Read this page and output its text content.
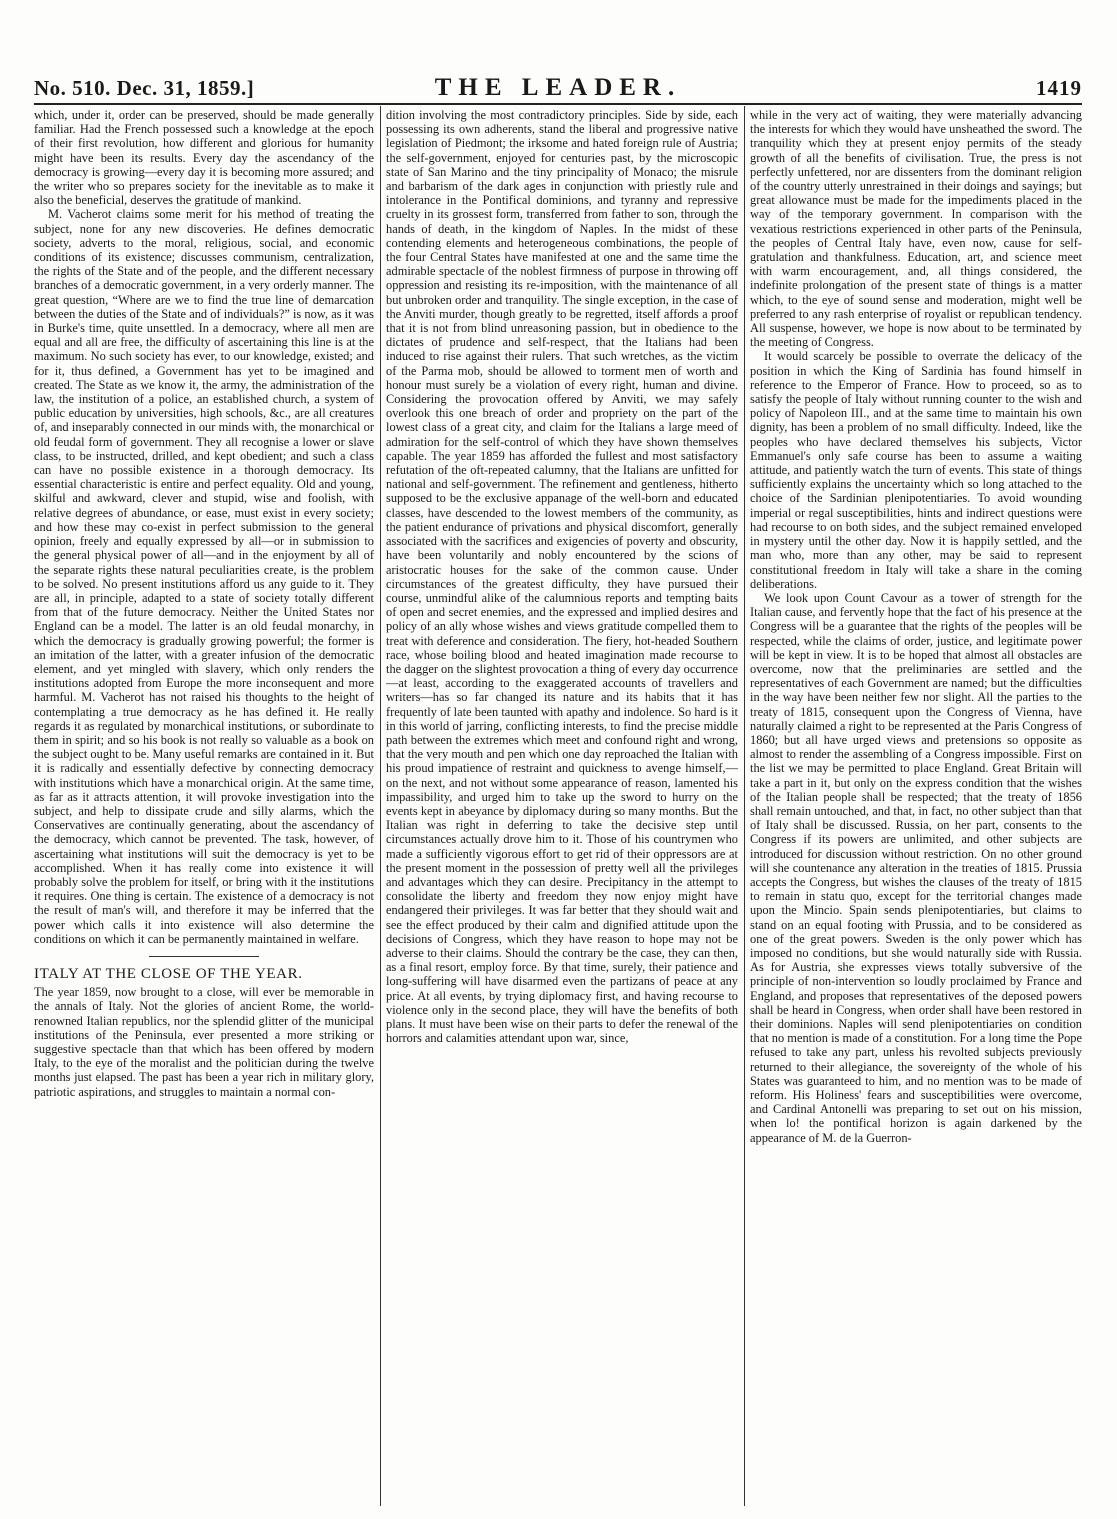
No. 510. Dec. 31, 1859.]	THE LEADER.	1419

which, under it, order can be preserved, should be made generally familiar. Had the French possessed such a knowledge at the epoch of their first revolution, how different and glorious for humanity might have been its results. Every day the ascendancy of the democracy is growing—every day it is becoming more assured; and the writer who so prepares society for the inevitable as to make it also the beneficial, deserves the gratitude of mankind.

M. Vacherot claims some merit for his method of treating the subject, none for any new discoveries. He defines democratic society, adverts to the moral, religious, social, and economic conditions of its existence; discusses communism, centralization, the rights of the State and of the people, and the different necessary branches of a democratic government, in a very orderly manner. The great question, “Where are we to find the true line of demarcation between the duties of the State and of individuals?” is now, as it was in Burke's time, quite unsettled. In a democracy, where all men are equal and all are free, the difficulty of ascertaining this line is at the maximum. No such society has ever, to our knowledge, existed; and for it, thus defined, a Government has yet to be imagined and created. The State as we know it, the army, the administration of the law, the institution of a police, an established church, a system of public education by universities, high schools, &c., are all creatures of, and inseparably connected in our minds with, the monarchical or old feudal form of government. They all recognise a lower or slave class, to be instructed, drilled, and kept obedient; and such a class can have no possible existence in a thorough democracy. Its essential characteristic is entire and perfect equality. Old and young, skilful and awkward, clever and stupid, wise and foolish, with relative degrees of abundance, or ease, must exist in every society; and how these may co-exist in perfect submission to the general opinion, freely and equally expressed by all—or in submission to the general physical power of all—and in the enjoyment by all of the separate rights these natural peculiarities create, is the problem to be solved. No present institutions afford us any guide to it. They are all, in principle, adapted to a state of society totally different from that of the future democracy. Neither the United States nor England can be a model. The latter is an old feudal monarchy, in which the democracy is gradually growing powerful; the former is an imitation of the latter, with a greater infusion of the democratic element, and yet mingled with slavery, which only renders the institutions adopted from Europe the more inconsequent and more harmful. M. Vacherot has not raised his thoughts to the height of contemplating a true democracy as he has defined it. He really regards it as regulated by monarchical institutions, or subordinate to them in spirit; and so his book is not really so valuable as a book on the subject ought to be. Many useful remarks are contained in it. But it is radically and essentially defective by connecting democracy with institutions which have a monarchical origin. At the same time, as far as it attracts attention, it will provoke investigation into the subject, and help to dissipate crude and silly alarms, which the Conservatives are continually generating, about the ascendancy of the democracy, which cannot be prevented. The task, however, of ascertaining what institutions will suit the democracy is yet to be accomplished. When it has really come into existence it will probably solve the problem for itself, or bring with it the institutions it requires. One thing is certain. The existence of a democracy is not the result of man's will, and therefore it may be inferred that the power which calls it into existence will also determine the conditions on which it can be permanently maintained in welfare.

ITALY AT THE CLOSE OF THE YEAR.

The year 1859, now brought to a close, will ever be memorable in the annals of Italy. Not the glories of ancient Rome, the world-renowned Italian republics, nor the splendid glitter of the municipal institutions of the Peninsula, ever presented a more striking or suggestive spectacle than that which has been offered by modern Italy, to the eye of the moralist and the politician during the twelve months just elapsed. The past has been a year rich in military glory, patriotic aspirations, and struggles to maintain a normal con-

dition involving the most contradictory principles. Side by side, each possessing its own adherents, stand the liberal and progressive native legislation of Piedmont; the irksome and hated foreign rule of Austria; the self-government, enjoyed for centuries past, by the microscopic state of San Marino and the tiny principality of Monaco; the misrule and barbarism of the dark ages in conjunction with priestly rule and intolerance in the Pontifical dominions, and tyranny and repressive cruelty in its grossest form, transferred from father to son, through the hands of death, in the kingdom of Naples. In the midst of these contending elements and heterogeneous combinations, the people of the four Central States have manifested at one and the same time the admirable spectacle of the noblest firmness of purpose in throwing off oppression and resisting its re-imposition, with the maintenance of all but unbroken order and tranquility. The single exception, in the case of the Anviti murder, though greatly to be regretted, itself affords a proof that it is not from blind unreasoning passion, but in obedience to the dictates of prudence and self-respect, that the Italians had been induced to rise against their rulers. That such wretches, as the victim of the Parma mob, should be allowed to torment men of worth and honour must surely be a violation of every right, human and divine. Considering the provocation offered by Anviti, we may safely overlook this one breach of order and propriety on the part of the lowest class of a great city, and claim for the Italians a large meed of admiration for the self-control of which they have shown themselves capable. The year 1859 has afforded the fullest and most satisfactory refutation of the oft-repeated calumny, that the Italians are unfitted for national and self-government. The refinement and gentleness, hitherto supposed to be the exclusive appanage of the well-born and educated classes, have descended to the lowest members of the community, as the patient endurance of privations and physical discomfort, generally associated with the sacrifices and exigencies of poverty and obscurity, have been voluntarily and nobly encountered by the scions of aristocratic houses for the sake of the common cause. Under circumstances of the greatest difficulty, they have pursued their course, unmindful alike of the calumnious reports and tempting baits of open and secret enemies, and the expressed and implied desires and policy of an ally whose wishes and views gratitude compelled them to treat with deference and consideration. The fiery, hot-headed Southern race, whose boiling blood and heated imagination made recourse to the dagger on the slightest provocation a thing of every day occurrence—at least, according to the exaggerated accounts of travellers and writers—has so far changed its nature and its habits that it has frequently of late been taunted with apathy and indolence. So hard is it in this world of jarring, conflicting interests, to find the precise middle path between the extremes which meet and confound right and wrong, that the very mouth and pen which one day reproached the Italian with his proud impatience of restraint and quickness to avenge himself,—on the next, and not without some appearance of reason, lamented his impassibility, and urged him to take up the sword to hurry on the events kept in abeyance by diplomacy during so many months. But the Italian was right in deferring to take the decisive step until circumstances actually drove him to it. Those of his countrymen who made a sufficiently vigorous effort to get rid of their oppressors are at the present moment in the possession of pretty well all the privileges and advantages which they can desire. Precipitancy in the attempt to consolidate the liberty and freedom they now enjoy might have endangered their privileges. It was far better that they should wait and see the effect produced by their calm and dignified attitude upon the decisions of Congress, which they have reason to hope may not be adverse to their claims. Should the contrary be the case, they can then, as a final resort, employ force. By that time, surely, their patience and long-suffering will have disarmed even the partizans of peace at any price. At all events, by trying diplomacy first, and having recourse to violence only in the second place, they will have the benefits of both plans. It must have been wise on their parts to defer the renewal of the horrors and calamities attendant upon war, since,

while in the very act of waiting, they were materially advancing the interests for which they would have unsheathed the sword. The tranquility which they at present enjoy permits of the steady growth of all the benefits of civilisation. True, the press is not perfectly unfettered, nor are dissenters from the dominant religion of the country utterly unrestrained in their doings and sayings; but great allowance must be made for the impediments placed in the way of the temporary government. In comparison with the vexatious restrictions experienced in other parts of the Peninsula, the peoples of Central Italy have, even now, cause for self-gratulation and thankfulness. Education, art, and science meet with warm encouragement, and, all things considered, the indefinite prolongation of the present state of things is a matter which, to the eye of sound sense and moderation, might well be preferred to any rash enterprise of royalist or republican tendency. All suspense, however, we hope is now about to be terminated by the meeting of Congress.

It would scarcely be possible to overrate the delicacy of the position in which the King of Sardinia has found himself in reference to the Emperor of France. How to proceed, so as to satisfy the people of Italy without running counter to the wish and policy of Napoleon III., and at the same time to maintain his own dignity, has been a problem of no small difficulty. Indeed, like the peoples who have declared themselves his subjects, Victor Emmanuel's only safe course has been to assume a waiting attitude, and patiently watch the turn of events. This state of things sufficiently explains the uncertainty which so long attached to the choice of the Sardinian plenipotentiaries. To avoid wounding imperial or regal susceptibilities, hints and indirect questions were had recourse to on both sides, and the subject remained enveloped in mystery until the other day. Now it is happily settled, and the man who, more than any other, may be said to represent constitutional freedom in Italy will take a share in the coming deliberations.

We look upon Count Cavour as a tower of strength for the Italian cause, and fervently hope that the fact of his presence at the Congress will be a guarantee that the rights of the peoples will be respected, while the claims of order, justice, and legitimate power will be kept in view. It is to be hoped that almost all obstacles are overcome, now that the preliminaries are settled and the representatives of each Government are named; but the difficulties in the way have been neither few nor slight. All the parties to the treaty of 1815, consequent upon the Congress of Vienna, have naturally claimed a right to be represented at the Paris Congress of 1860; but all have urged views and pretensions so opposite as almost to render the assembling of a Congress impossible. First on the list we may be permitted to place England. Great Britain will take a part in it, but only on the express condition that the wishes of the Italian people shall be respected; that the treaty of 1856 shall remain untouched, and that, in fact, no other subject than that of Italy shall be discussed. Russia, on her part, consents to the Congress if its powers are unlimited, and other subjects are introduced for discussion without restriction. On no other ground will she countenance any alteration in the treaties of 1815. Prussia accepts the Congress, but wishes the clauses of the treaty of 1815 to remain in statu quo, except for the territorial changes made upon the Mincio. Spain sends plenipotentiaries, but claims to stand on an equal footing with Prussia, and to be considered as one of the great powers. Sweden is the only power which has imposed no conditions, but she would naturally side with Russia. As for Austria, she expresses views totally subversive of the principle of non-intervention so loudly proclaimed by France and England, and proposes that representatives of the deposed powers shall be heard in Congress, when order shall have been restored in their dominions. Naples will send plenipotentiaries on condition that no mention is made of a constitution. For a long time the Pope refused to take any part, unless his revolted subjects previously returned to their allegiance, the sovereignty of the whole of his States was guaranteed to him, and no mention was to be made of reform. His Holiness' fears and susceptibilities were overcome, and Cardinal Antonelli was preparing to set out on his mission, when lo! the pontifical horizon is again darkened by the appearance of M. de la Guerron-
